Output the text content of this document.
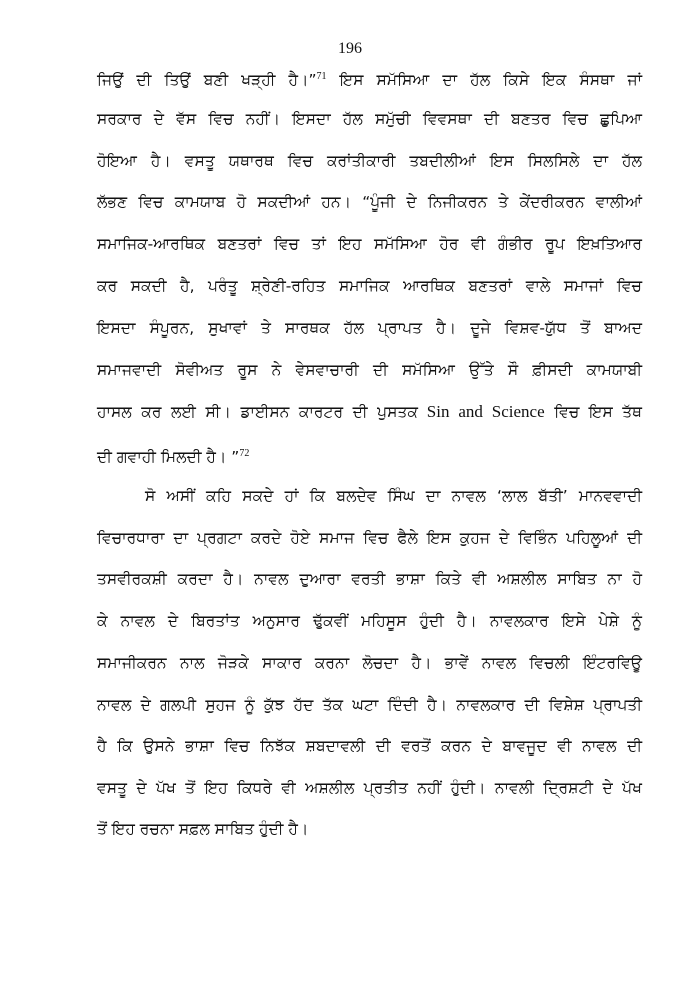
196
ਜਿਉਂ ਦੀ ਤਿਉਂ ਬਣੀ ਖੜ੍ਹੀ ਹੈ।”$^{71}$ ਇਸ ਸਮੱਸਿਆ ਦਾ ਹੱਲ ਕਿਸੇ ਇਕ ਸੰਸਥਾ ਜਾਂ
ਸਰਕਾਰ ਦੇ ਵੱਸ ਵਿਚ ਨਹੀਂ। ਇਸਦਾ ਹੱਲ ਸਮੁੱਚੀ ਵਿਵਸਥਾ ਦੀ ਬਣਤਰ ਵਿਚ ਛੁਪਿਆ
ਹੋਇਆ ਹੈ। ਵਸਤੂ ਯਥਾਰਥ ਵਿਚ ਕਰਾਂਤੀਕਾਰੀ ਤਬਦੀਲੀਆਂ ਇਸ ਸਿਲਸਿਲੇ ਦਾ ਹੱਲ
ਲੱਭਣ ਵਿਚ ਕਾਮਯਾਬ ਹੋ ਸਕਦੀਆਂ ਹਨ। “ਪੂੰਜੀ ਦੇ ਨਿਜੀਕਰਨ ਤੇ ਕੇਂਦਰੀਕਰਨ ਵਾਲੀਆਂ
ਸਮਾਜਿਕ-ਆਰਥਿਕ ਬਣਤਰਾਂ ਵਿਚ ਤਾਂ ਇਹ ਸਮੱਸਿਆ ਹੋਰ ਵੀ ਗੰਭੀਰ ਰੂਪ ਇਖ਼ਤਿਆਰ
ਕਰ ਸਕਦੀ ਹੈ, ਪਰੰਤੂ ਸ਼੍ਰੇਣੀ-ਰਹਿਤ ਸਮਾਜਿਕ ਆਰਥਿਕ ਬਣਤਰਾਂ ਵਾਲੇ ਸਮਾਜਾਂ ਵਿਚ
ਇਸਦਾ ਸੰਪੂਰਨ, ਸੁਖਾਵਾਂ ਤੇ ਸਾਰਥਕ ਹੱਲ ਪ੍ਰਾਪਤ ਹੈ। ਦੂਜੇ ਵਿਸ਼ਵ-ਯੁੱਧ ਤੋਂ ਬਾਅਦ
ਸਮਾਜਵਾਦੀ ਸੋਵੀਅਤ ਰੂਸ ਨੇ ਵੇਸਵਾਚਾਰੀ ਦੀ ਸਮੱਸਿਆ ਉੱਤੇ ਸੌ ਫ਼ੀਸਦੀ ਕਾਮਯਾਬੀ
ਹਾਸਲ ਕਰ ਲਈ ਸੀ। ਡਾਈਸਨ ਕਾਰਟਰ ਦੀ ਪੁਸਤਕ Sin and Science ਵਿਚ ਇਸ ਤੱਥ
ਦੀ ਗਵਾਹੀ ਮਿਲਦੀ ਹੈ। ”$^{72}$
ਸੋ ਅਸੀਂ ਕਹਿ ਸਕਦੇ ਹਾਂ ਕਿ ਬਲਦੇਵ ਸਿੰਘ ਦਾ ਨਾਵਲ ‘ਲਾਲ ਬੱਤੀ’ ਮਾਨਵਵਾਦੀ
ਵਿਚਾਰਧਾਰਾ ਦਾ ਪ੍ਰਗਟਾ ਕਰਦੇ ਹੋਏ ਸਮਾਜ ਵਿਚ ਫੈਲੇ ਇਸ ਕੁਹਜ ਦੇ ਵਿਭਿੰਨ ਪਹਿਲੂਆਂ ਦੀ
ਤਸਵੀਰਕਸ਼ੀ ਕਰਦਾ ਹੈ। ਨਾਵਲ ਦੁਆਰਾ ਵਰਤੀ ਭਾਸ਼ਾ ਕਿਤੇ ਵੀ ਅਸ਼ਲੀਲ ਸਾਬਿਤ ਨਾ ਹੋ
ਕੇ ਨਾਵਲ ਦੇ ਬਿਰਤਾਂਤ ਅਨੁਸਾਰ ਢੁੱਕਵੀਂ ਮਹਿਸੂਸ ਹੁੰਦੀ ਹੈ। ਨਾਵਲਕਾਰ ਇਸੇ ਪੇਸ਼ੇ ਨੂੰ
ਸਮਾਜੀਕਰਨ ਨਾਲ ਜੋੜਕੇ ਸਾਕਾਰ ਕਰਨਾ ਲੋਚਦਾ ਹੈ। ਭਾਵੇਂ ਨਾਵਲ ਵਿਚਲੀ ਇੰਟਰਵਿਊ
ਨਾਵਲ ਦੇ ਗਲਪੀ ਸੁਹਜ ਨੂੰ ਕੁੱਝ ਹੱਦ ਤੱਕ ਘਟਾ ਦਿੰਦੀ ਹੈ। ਨਾਵਲਕਾਰ ਦੀ ਵਿਸ਼ੇਸ਼ ਪ੍ਰਾਪਤੀ
ਹੈ ਕਿ ਉਸਨੇ ਭਾਸ਼ਾ ਵਿਚ ਨਿਝੱਕ ਸ਼ਬਦਾਵਲੀ ਦੀ ਵਰਤੋਂ ਕਰਨ ਦੇ ਬਾਵਜੂਦ ਵੀ ਨਾਵਲ ਦੀ
ਵਸਤੂ ਦੇ ਪੱਖ ਤੋਂ ਇਹ ਕਿਧਰੇ ਵੀ ਅਸ਼ਲੀਲ ਪ੍ਰਤੀਤ ਨਹੀਂ ਹੁੰਦੀ। ਨਾਵਲੀ ਦ੍ਰਿਸ਼ਟੀ ਦੇ ਪੱਖ
ਤੋਂ ਇਹ ਰਚਨਾ ਸਫ਼ਲ ਸਾਬਿਤ ਹੁੰਦੀ ਹੈ।
